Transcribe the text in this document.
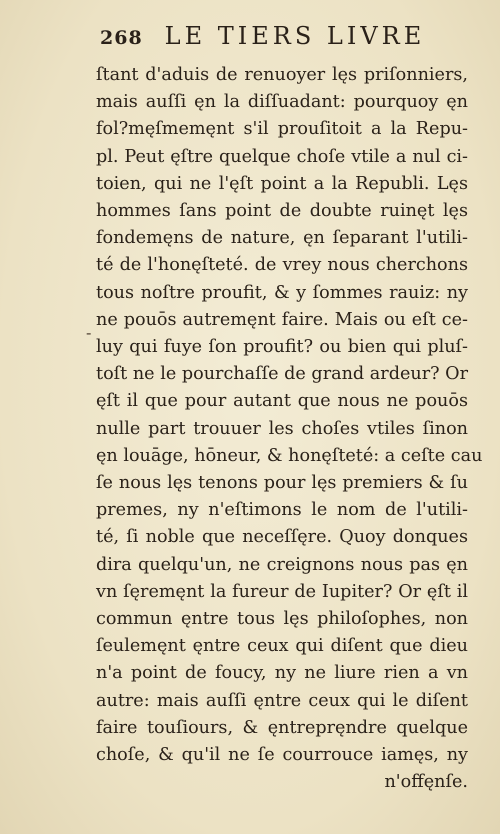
268 LE TIERS LIVRE
-
ſtant d'aduis de renuoyer lęs priſonniers,
mais auſſi ęn la diſſuadant: pourquoy ęn
fol?męſmemęnt s'il prouſitoit a la Repu-
pl. Peut ęſtre quelque choſe vtile a nul ci-
toien, qui ne l'ęſt point a la Republi. Lęs
hommes ſans point de doubte ruinęt lęs
fondemęns de nature, ęn ſeparant l'utili-
té de l'honęſteté. de vrey nous cherchons
tous noſtre proufit, & y ſommes rauiz: ny
ne pouōs autremęnt faire. Mais ou eſt ce-
luy qui fuye ſon proufit? ou bien qui pluſ-
toſt ne le pourchaſſe de grand ardeur? Or
ęſt il que pour autant que nous ne pouōs
nulle part trouuer les choſes vtiles ſinon
ęn louāge, hōneur, & honęſteté: a ceſte cau
ſe nous lęs tenons pour lęs premiers & ſu
premes, ny n'eſtimons le nom de l'utili-
té, ſi noble que neceſſęre. Quoy donques
dira quelqu'un, ne creignons nous pas ęn
vn ſęremęnt la fureur de Iupiter? Or ęſt il
commun ęntre tous lęs philoſophes, non
ſeulemęnt ęntre ceux qui diſent que dieu
n'a point de foucy, ny ne liure rien a vn
autre: mais auſſi ęntre ceux qui le diſent
faire touſiours, & ęntrepręndre quelque
choſe, & qu'il ne ſe courrouce iamęs, ny
n'offęnſe.
